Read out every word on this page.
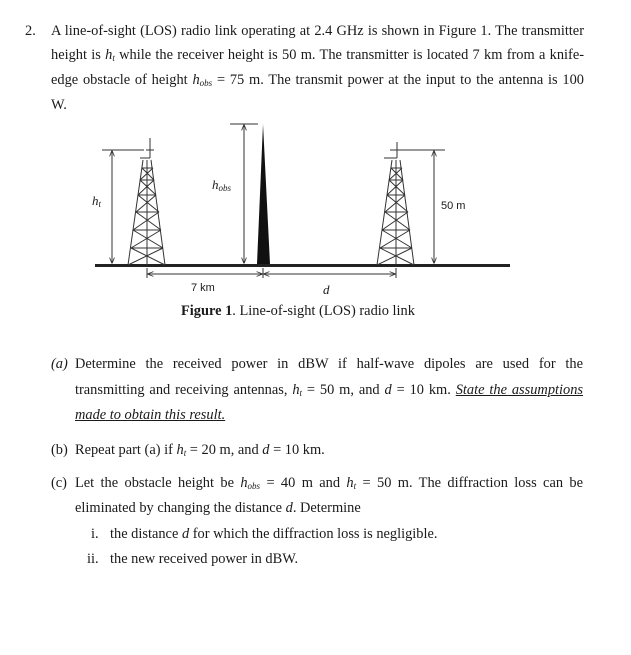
2. A line-of-sight (LOS) radio link operating at 2.4 GHz is shown in Figure 1. The transmitter
height is $h_t$ while the receiver height is 50 m. The transmitter is located 7 km from a knife-
edge obstacle of height $h_{obs} = 75$ m. The transmit power at the input to the antenna is 100
W.
$h_t$
$h_{obs}$
50 m
7 km	d
Figure 1. Line-of-sight (LOS) radio link
(a) Determine the received power in dBW if half-wave dipoles are used for the
transmitting and receiving antennas, $h_t = 50$ m, and d = 10 km. State the assumptions
made to obtain this result.
(b) Repeat part (a) if $h_t = 20$ m, and d = 10 km.
(c) Let the obstacle height be $h_{obs} = 40$ m and $h_t = 50$ m. The diffraction loss can be
eliminated by changing the distance d. Determine
i. the distance d for which the diffraction loss is negligible.
ii. the new received power in dBW.
